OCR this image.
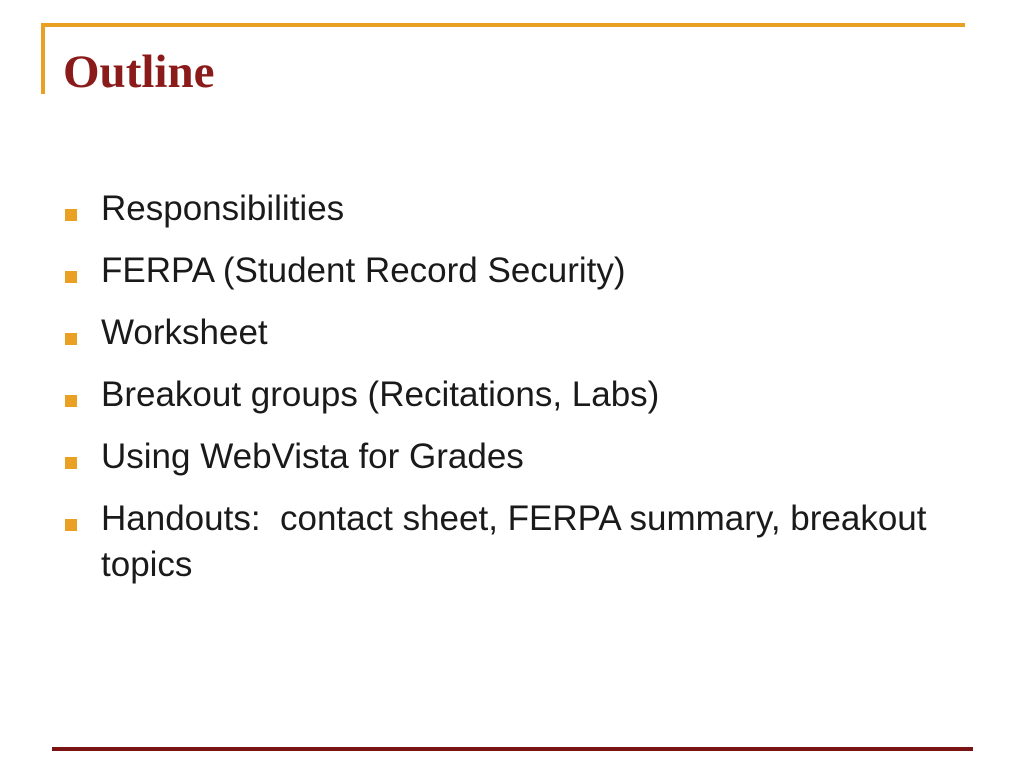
Outline
Responsibilities
FERPA (Student Record Security)
Worksheet
Breakout groups (Recitations, Labs)
Using WebVista for Grades
Handouts:  contact sheet, FERPA summary, breakout topics
